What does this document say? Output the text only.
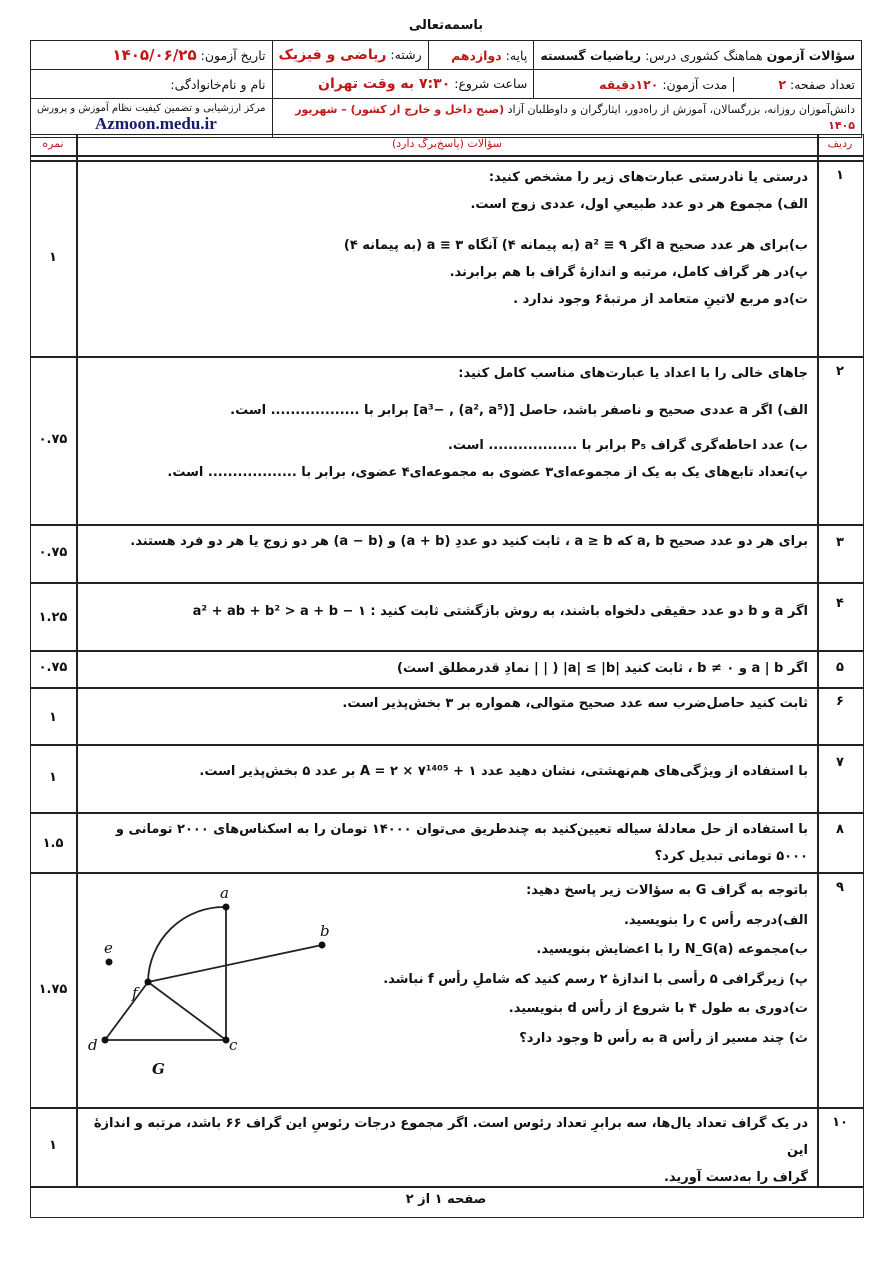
باسمه‌تعالی
سؤالات آزمون هماهنگ کشوری درس: ریاضیات گسسته	پایه: دوازدهم	رشته: ریاضی و فیزیک	تاریخ آزمون: ۱۴۰۵/۰۶/۲۵
تعداد صفحه: ۲ مدت آزمون: ۱۲۰دقیقه	ساعت شروع: ۷:۳۰ به وقت تهران		نام و نام‌خانوادگی:
دانش‌آموزان روزانه، بزرگسالان، آموزش از راه‌دور، ایثارگران و داوطلبان آزاد (صبح داخل و خارج از کشور) – شهریور ۱۴۰۵			مرکز ارزشیابی و تضمین کیفیت نظام آموزش و پرورش
Azmoon.medu.ir
ردیف
سؤالات (پاسخ‌برگ دارد)
نمره
۱
۱

درستی یا نادرستی عبارت‌های زیر را مشخص کنید:

الف) مجموع هر دو عدد طبیعیِ اول، عددی زوج است.

ب)برای هر عدد صحیح a اگر a² ≡ ۹ (به پیمانه ۴) آنگاه a ≡ ۳ (به پیمانه ۴)

پ)در هر گراف کامل، مرتبه و اندازهٔ گراف با هم برابرند.

ت)دو مربع لاتینِ متعامد از مرتبهٔ۶ وجود ندارد .

۲
۰.۷۵

جاهای خالی را با اعداد یا عبارت‌های مناسب کامل کنید:

الف) اگر a عددی صحیح و ناصفر باشد، حاصل [(a², a⁵) , −a³] برابر با .................. است.

ب) عدد احاطه‌گری گراف P₅ برابر با .................. است.

پ)تعداد تابع‌های یک به یک از مجموعه‌ای۳ عضوی به مجموعه‌ای۴ عضوی، برابر با .................. است.

۳
۰.۷۵

برای هر دو عدد صحیح a, b که a ≥ b ، ثابت کنید دو عددِ (a + b) و (a − b) هر دو زوج یا هر دو فرد هستند.

۴
۱.۲۵	اگر a و b دو عدد حقیقی دلخواه باشند، به روش بازگشتی ثابت کنید : a² + ab + b² > a + b − ۱

۵
۰.۷۵	اگر a | b و b ≠ ۰ ، ثابت کنید |a| ≤ |b| ( | | نمادِ قدرمطلق است)

۶
۱

ثابت کنید حاصل‌ضرب سه عدد صحیح متوالی، همواره بر ۳ بخش‌پذیر است.

۷
۱	با استفاده از ویژگی‌های هم‌نهشتی، نشان دهید عدد A = ۲ × ۷¹⁴⁰⁵ + ۱ بر عدد ۵ بخش‌پذیر است.

۸
۱.۵

با استفاده از حل معادلهٔ سیاله تعیین‌کنید به چندطریق می‌توان ۱۴۰۰۰ تومان را به اسکناس‌های ۲۰۰۰ تومانی و

۵۰۰۰ تومانی تبدیل کرد؟

۹
۱.۷۵

باتوجه به گراف G به سؤالات زیر پاسخ دهید:

الف)درجه رأس c را بنویسید.

ب)مجموعه N_G(a) را با اعضایش بنویسید.

پ) زیرگرافی ۵ رأسی با اندازهٔ ۲ رسم کنید که شاملِ رأس f نباشد.

ت)دوری به طول ۴ با شروع از رأس d بنویسید.

ث) چند مسیر از رأس a به رأس b وجود دارد؟

a
b
c
d
e
f
G
۱۰
۱

در یک گراف تعداد یال‌ها، سه برابرِ تعداد رئوس است. اگر مجموع درجات رئوسِ این گراف ۶۶ باشد، مرتبه و اندازهٔ این

گراف را به‌دست آورید.

صفحه ۱ از ۲
